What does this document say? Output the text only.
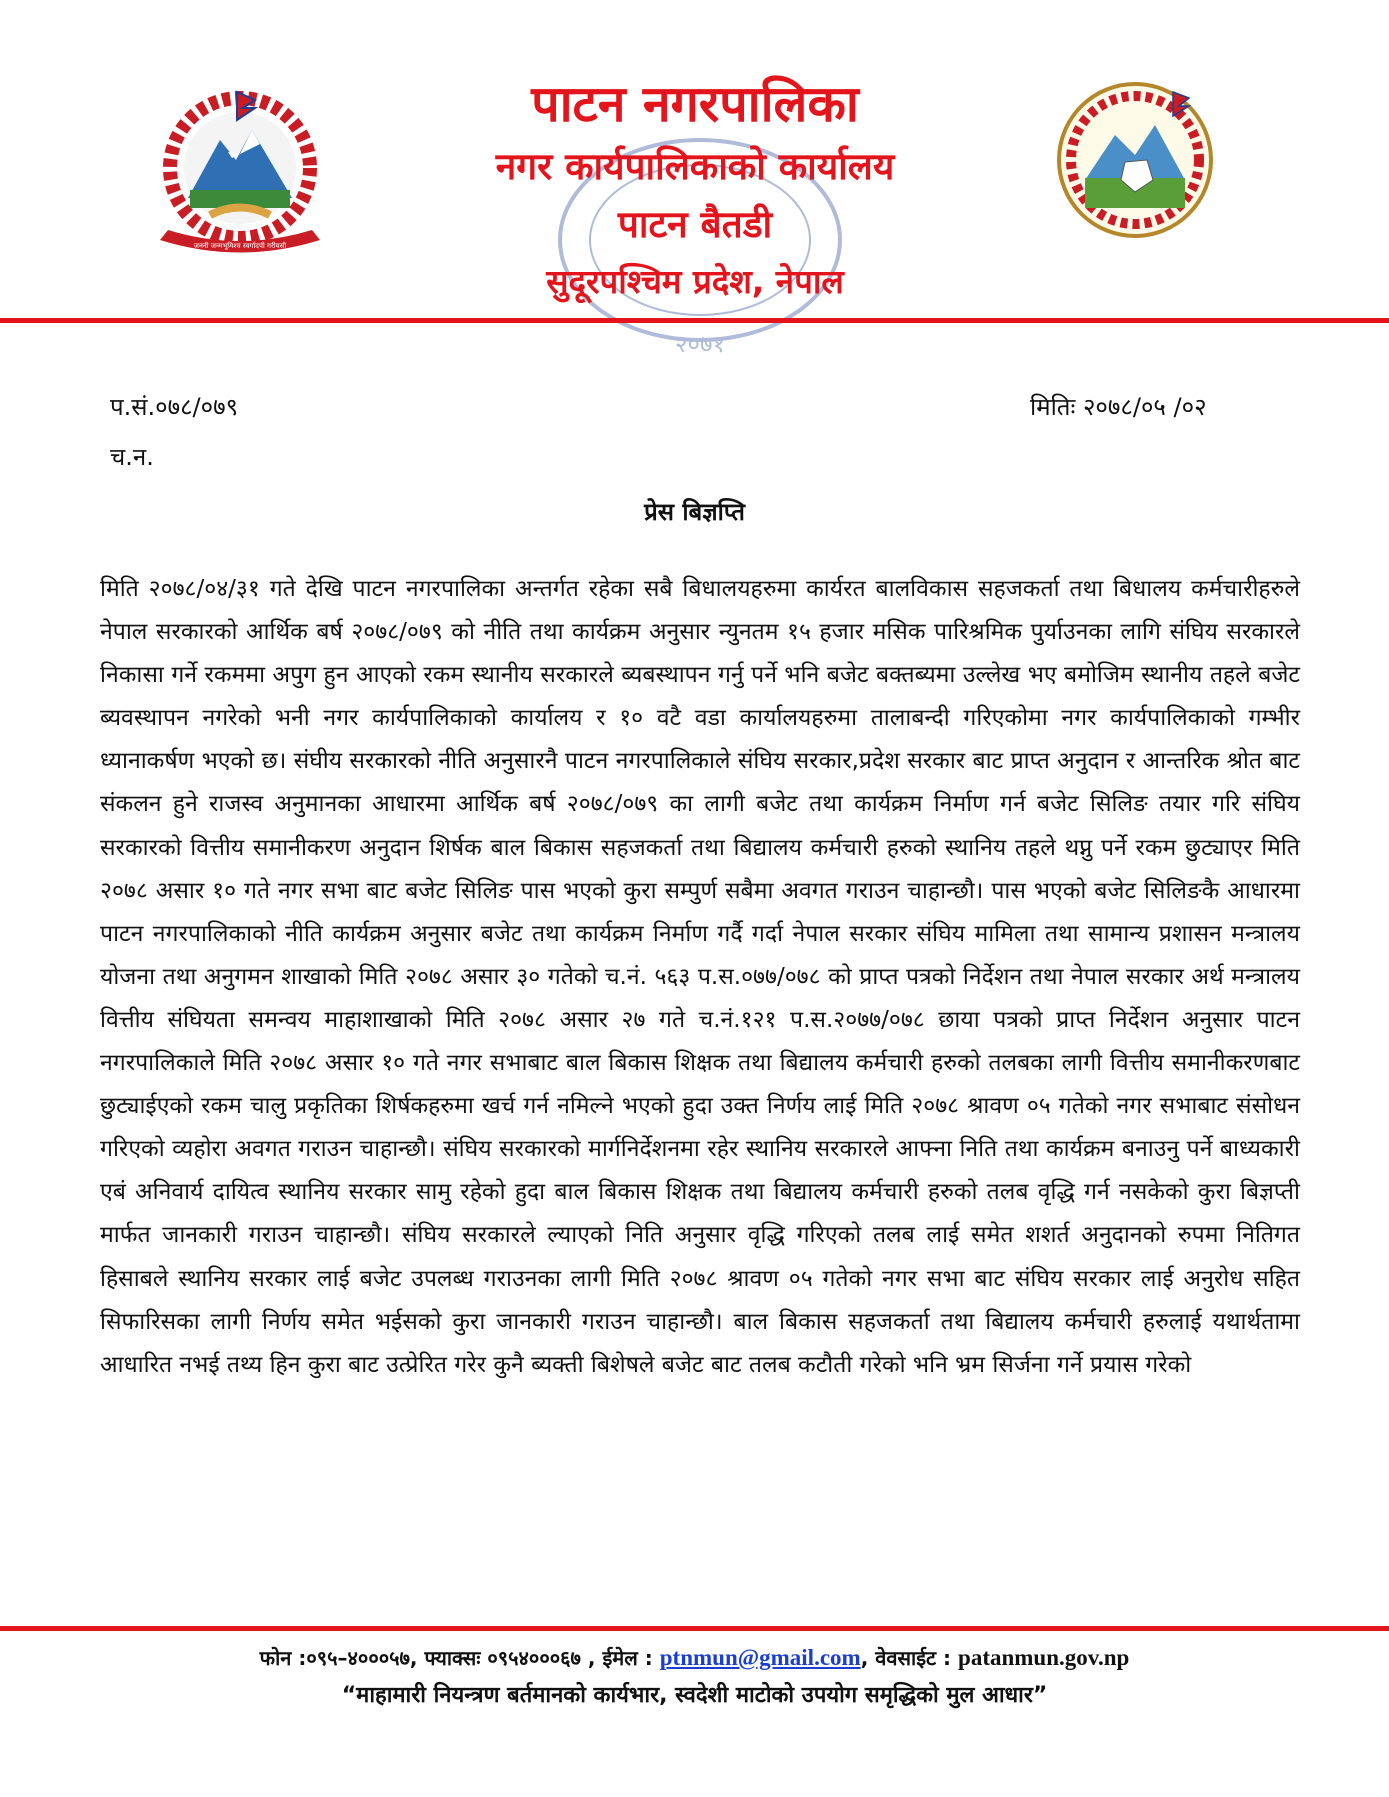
जननी जन्मभूमिश्च स्वर्गादपी गरीयसी
२०७१
पाटन नगरपालिका
नगर कार्यपालिकाको कार्यालय
पाटन बैतडी
सुदूरपश्चिम प्रदेश, नेपाल
प.सं.०७८/०७९
च.न.
मितिः २०७८/०५ /०२
प्रेस बिज्ञप्ति
मिति २०७८/०४/३१ गते देखि पाटन नगरपालिका अन्तर्गत रहेका सबै बिधालयहरुमा कार्यरत बालविकास सहजकर्ता तथा बिधालय कर्मचारीहरुले नेपाल सरकारको आर्थिक बर्ष २०७८/०७९ को नीति तथा कार्यक्रम अनुसार न्युनतम १५ हजार मसिक पारिश्रमिक पुर्याउनका लागि संघिय सरकारले निकासा गर्ने रकममा अपुग हुन आएको रकम स्थानीय सरकारले ब्यबस्थापन गर्नु पर्ने भनि बजेट बक्तब्यमा उल्लेख भए बमोजिम स्थानीय तहले बजेट ब्यवस्थापन नगरेको भनी नगर कार्यपालिकाको कार्यालय र १० वटै वडा कार्यालयहरुमा तालाबन्दी गरिएकोमा नगर कार्यपालिकाको गम्भीर ध्यानाकर्षण भएको छ। संघीय सरकारको नीति अनुसारनै पाटन नगरपालिकाले संघिय सरकार,प्रदेश सरकार बाट प्राप्त अनुदान र आन्तरिक श्रोत बाट संकलन हुने राजस्व अनुमानका आधारमा आर्थिक बर्ष २०७८/०७९ का लागी बजेट तथा कार्यक्रम निर्माण गर्न बजेट सिलिङ तयार गरि संघिय सरकारको वित्तीय समानीकरण अनुदान शिर्षक बाल बिकास सहजकर्ता तथा बिद्यालय कर्मचारी हरुको स्थानिय तहले थप्नु पर्ने रकम छुट्याएर मिति २०७८ असार १० गते नगर सभा बाट बजेट सिलिङ पास भएको कुरा सम्पुर्ण सबैमा अवगत गराउन चाहान्छौ। पास भएको बजेट सिलिङकै आधारमा पाटन नगरपालिकाको नीति कार्यक्रम अनुसार बजेट तथा कार्यक्रम निर्माण गर्दै गर्दा नेपाल सरकार संघिय मामिला तथा सामान्य प्रशासन मन्त्रालय योजना तथा अनुगमन शाखाको मिति २०७८ असार ३० गतेको च.नं. ५६३ प.स.०७७/०७८ को प्राप्त पत्रको निर्देशन तथा नेपाल सरकार अर्थ मन्त्रालय वित्तीय संघियता समन्वय माहाशाखाको मिति २०७८ असार २७ गते च.नं.१२१ प.स.२०७७/०७८ छाया पत्रको प्राप्त निर्देशन अनुसार पाटन नगरपालिकाले मिति २०७८ असार १० गते नगर सभाबाट बाल बिकास शिक्षक तथा बिद्यालय कर्मचारी हरुको तलबका लागी वित्तीय समानीकरणबाट छुट्याईएको रकम चालु प्रकृतिका शिर्षकहरुमा खर्च गर्न नमिल्ने भएको हुदा उक्त निर्णय लाई मिति २०७८ श्रावण ०५ गतेको नगर सभाबाट संसोधन गरिएको व्यहोरा अवगत गराउन चाहान्छौ। संघिय सरकारको मार्गनिर्देशनमा रहेर स्थानिय सरकारले आफ्ना निति तथा कार्यक्रम बनाउनु पर्ने बाध्यकारी एबं अनिवार्य दायित्व स्थानिय सरकार सामु रहेको हुदा बाल बिकास शिक्षक तथा बिद्यालय कर्मचारी हरुको तलब वृद्धि गर्न नसकेको कुरा बिज्ञप्ती मार्फत जानकारी गराउन चाहान्छौ। संघिय सरकारले ल्याएको निति अनुसार वृद्धि गरिएको तलब लाई समेत शशर्त अनुदानको रुपमा नितिगत हिसाबले स्थानिय सरकार लाई बजेट उपलब्ध गराउनका लागी मिति २०७८ श्रावण ०५ गतेको नगर सभा बाट संघिय सरकार लाई अनुरोध सहित सिफारिसका लागी निर्णय समेत भईसको कुरा जानकारी गराउन चाहान्छौ। बाल बिकास सहजकर्ता तथा बिद्यालय कर्मचारी हरुलाई यथार्थतामा आधारित नभई तथ्य हिन कुरा बाट उत्प्रेरित गरेर कुनै ब्यक्ती बिशेषले बजेट बाट तलब कटौती गरेको भनि भ्रम सिर्जना गर्ने प्रयास गरेको
फोन :०९५–४०००५७, फ्याक्सः ०९५४०००६७ , ईमेल : ptnmun@gmail.com, वेवसाईट : patanmun.gov.np
“माहामारी नियन्त्रण बर्तमानको कार्यभार, स्वदेशी माटोको उपयोग समृद्धिको मुल आधार”
